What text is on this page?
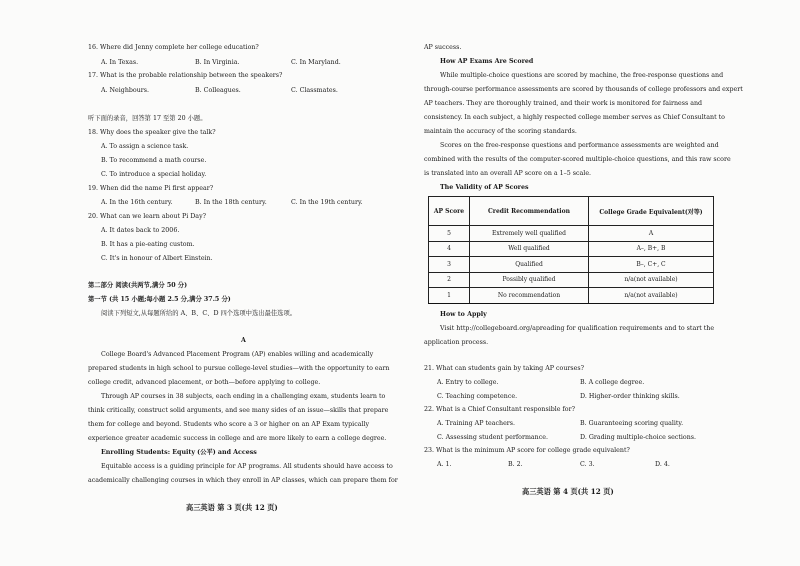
16. Where did Jenny complete her college education?
A. In Texas.	B. In Virginia.	C. In Maryland.
17. What is the probable relationship between the speakers?
A. Neighbours.	B. Colleagues.	C. Classmates.
听下面的录音，回答第 17 至第 20 小题。
18. Why does the speaker give the talk?
A. To assign a science task.
B. To recommend a math course.
C. To introduce a special holiday.
19. When did the name Pi first appear?
A. In the 16th century.	B. In the 18th century.	C. In the 19th century.
20. What can we learn about Pi Day?
A. It dates back to 2006.
B. It has a pie-eating custom.
C. It's in honour of Albert Einstein.
第二部分 阅读(共两节,满分 50 分)
第一节 (共 15 小题;每小题 2.5 分,满分 37.5 分)
阅读下列短文,从每题所给的 A、B、C、D 四个选项中选出最佳选项。
A
College Board's Advanced Placement Program (AP) enables willing and academically
prepared students in high school to pursue college-level studies—with the opportunity to earn
college credit, advanced placement, or both—before applying to college.
Through AP courses in 38 subjects, each ending in a challenging exam, students learn to
think critically, construct solid arguments, and see many sides of an issue—skills that prepare
them for college and beyond. Students who score a 3 or higher on an AP Exam typically
experience greater academic success in college and are more likely to earn a college degree.
Enrolling Students: Equity (公平) and Access
Equitable access is a guiding principle for AP programs. All students should have access to
academically challenging courses in which they enroll in AP classes, which can prepare them for
高三英语 第 3 页(共 12 页)
AP success.
How AP Exams Are Scored
While multiple-choice questions are scored by machine, the free-response questions and
through-course performance assessments are scored by thousands of college professors and expert
AP teachers. They are thoroughly trained, and their work is monitored for fairness and
consistency. In each subject, a highly respected college member serves as Chief Consultant to
maintain the accuracy of the scoring standards.
Scores on the free-response questions and performance assessments are weighted and
combined with the results of the computer-scored multiple-choice questions, and this raw score
is translated into an overall AP score on a 1–5 scale.
The Validity of AP Scores
AP Score	Credit Recommendation	College Grade Equivalent(对等)
5	Extremely well qualified	A
4	Well qualified	A–, B+, B
3	Qualified	B–, C+, C
2	Possibly qualified	n/a(not available)
1	No recommendation	n/a(not available)
How to Apply
Visit http://collegeboard.org/apreading for qualification requirements and to start the
application process.
21. What can students gain by taking AP courses?
A. Entry to college.	B. A college degree.
C. Teaching competence.	D. Higher-order thinking skills.
22. What is a Chief Consultant responsible for?
A. Training AP teachers.	B. Guaranteeing scoring quality.
C. Assessing student performance.	D. Grading multiple-choice sections.
23. What is the minimum AP score for college grade equivalent?
A. 1.	B. 2.	C. 3.	D. 4.
高三英语 第 4 页(共 12 页)
